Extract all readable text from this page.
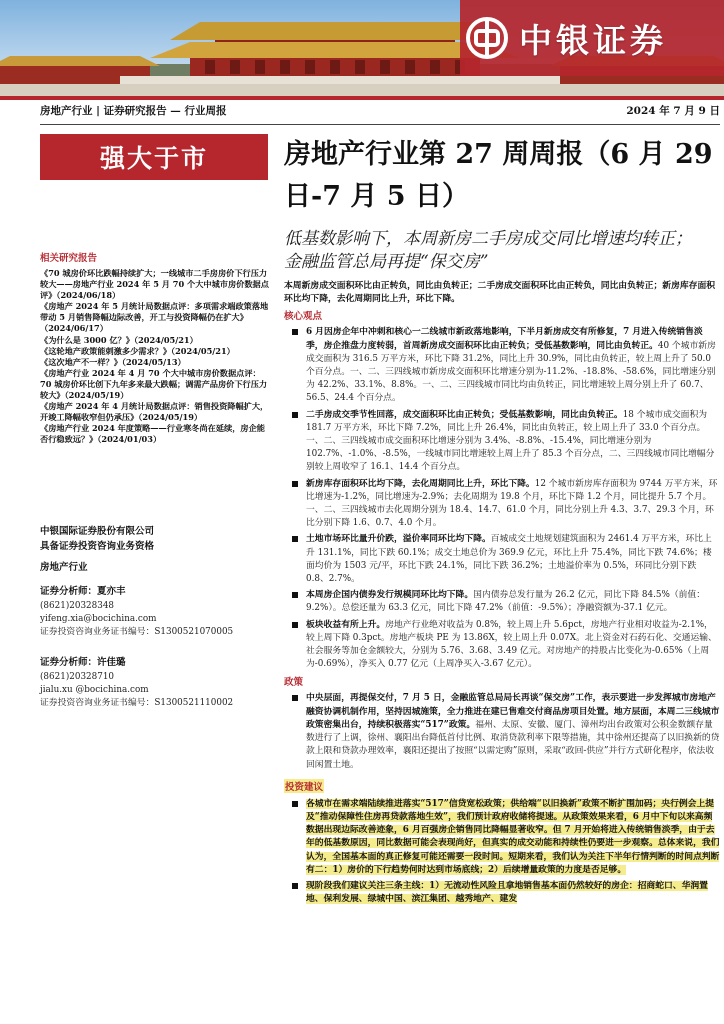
中银证券
房地产行业 | 证券研究报告 — 行业周报	2024 年 7 月 9 日
强大于市	房地产行业第 27 周周报（6 月 29 日-7 月 5 日）
低基数影响下，本周新房二手房成交同比增速均转正；金融监管总局再提“保交房”
相关研究报告
《70 城房价环比跌幅持续扩大；一线城市二手房房价下行压力较大——房地产行业 2024 年 5 月 70 个大中城市房价数据点评》（2024/06/18）
《房地产 2024 年 5 月统计局数据点评：多项需求端政策落地带动 5 月销售降幅边际改善，开工与投资降幅仍在扩大》（2024/06/17）
《为什么是 3000 亿？》（2024/05/21）
《这轮地产政策能刺激多少需求？》（2024/05/21）
《这次地产不一样？》（2024/05/13）
《房地产行业 2024 年 4 月 70 个大中城市房价数据点评：70 城房价环比创下九年多来最大跌幅；调需产品房价下行压力较大》（2024/05/19）
《房地产 2024 年 4 月统计局数据点评：销售投资降幅扩大，开竣工降幅收窄但仍承压》（2024/05/19）
《房地产行业 2024 年度策略——行业寒冬尚在延续，房企能否行稳致远？》（2024/01/03）
中银国际证券股份有限公司
具备证券投资咨询业务资格
房地产行业
证券分析师：夏亦丰
(8621)20328348
yifeng.xia@bocichina.com
证券投资咨询业务证书编号：S1300521070005
证券分析师：许佳璐
(8621)20328710
jialu.xu @bocichina.com
证券投资咨询业务证书编号：S1300521110002
本周新房成交面积环比由正转负，同比由负转正；二手房成交面积环比由正转负，同比由负转正；新房库存面积环比均下降，去化周期同比上升，环比下降。
核心观点
6 月因房企年中冲刺和核心一二线城市新政落地影响，下半月新房成交有所修复，7 月进入传统销售淡季，房企推盘力度转弱，首周新房成交面积环比由正转负；受低基数影响，同比由负转正。40 个城市新房成交面积为 316.5 万平方米，环比下降 31.2%，同比上升 30.9%，同比由负转正，较上周上升了 50.0 个百分点。一、二、三四线城市新房成交面积环比增速分别为-11.2%、-18.8%、-58.6%，同比增速分别为 42.2%、33.1%、8.8%。一、二、三四线城市同比均由负转正，同比增速较上周分别上升了 60.7、56.5、24.4 个百分点。
二手房成交季节性回落，成交面积环比由正转负；受低基数影响，同比由负转正。18 个城市成交面积为 181.7 万平方米，环比下降 7.2%，同比上升 26.4%，同比由负转正，较上周上升了 33.0 个百分点。一、二、三四线城市成交面积环比增速分别为 3.4%、-8.8%、-15.4%，同比增速分别为 102.7%、-1.0%、-8.5%，一线城市同比增速较上周上升了 85.3 个百分点，二、三四线城市同比增幅分别较上周收窄了 16.1、14.4 个百分点。
新房库存面积环比均下降，去化周期同比上升，环比下降。12 个城市新房库存面积为 9744 万平方米，环比增速为-1.2%，同比增速为-2.9%；去化周期为 19.8 个月，环比下降 1.2 个月，同比提升 5.7 个月。一、二、三四线城市去化周期分别为 18.4、14.7、61.0 个月，同比分别上升 4.3、3.7、29.3 个月，环比分别下降 1.6、0.7、4.0 个月。
土地市场环比量升价跌，溢价率同环比均下降。百城成交土地规划建筑面积为 2461.4 万平方米，环比上升 131.1%，同比下跌 60.1%；成交土地总价为 369.9 亿元，环比上升 75.4%，同比下跌 74.6%；楼面均价为 1503 元/平，环比下跌 24.1%，同比下跌 36.2%；土地溢价率为 0.5%，环同比分别下跌 0.8、2.7%。
本周房企国内债券发行规模同环比均下降。国内债券总发行量为 26.2 亿元，同比下降 84.5%（前值：9.2%）。总偿还量为 63.3 亿元，同比下降 47.2%（前值：-9.5%）；净融资额为-37.1 亿元。
板块收益有所上升。房地产行业绝对收益为 0.8%，较上周上升 5.6pct，房地产行业相对收益为-2.1%，较上周下降 0.3pct。房地产板块 PE 为 13.86X，较上周上升 0.07X。北上资金对石药石化、交通运输、社会服务等加仓金额较大，分别为 5.76、3.68、3.49 亿元。对房地产的持股占比变化为-0.65%（上周为-0.69%），净买入 0.77 亿元（上周净买入-3.67 亿元）。
政策
中央层面，再提保交付，7 月 5 日，金融监管总局局长再谈“保交房”工作，表示要进一步发挥城市房地产融资协调机制作用，坚持因城施策，全力推进在建已售难交付商品房项目处置。地方层面，本周二三线城市政策密集出台，持续积极落实“517”政策。福州、太原、安徽、厦门、漳州均出台政策对公积金数额存量数进行了上调，徐州、襄阳出台降低首付比例、取消贷款利率下限等措施，其中徐州还提高了以旧换新的贷款上限和贷款办理效率，襄阳还提出了按照“以需定购”原则，采取“政回-供应”并行方式研化程序，依法收回闲置土地。
投资建议
各城市在需求端陆续推进落实“517”信贷宽松政策；供给端“以旧换新”政策不断扩围加码；央行例会上提及“推动保障性住房再贷款落地生效”，我们预计政府收储将提速。从政策效果来看，6 月中下旬以来高频数据出现边际改善迹象，6 月百强房企销售同比降幅显著收窄。但 7 月开始将进入传统销售淡季，由于去年的低基数原因，同比数据可能会表现尚好，但真实的成交动能和持续性仍要进一步观察。总体来说，我们认为，全国基本面的真正修复可能还需要一段时间。短期来看，我们认为关注下半年行情判断的时间点判断有二：1）房价的下行趋势何时达到市场底线；2）后续增量政策的力度是否足够。
现阶段我们建议关注三条主线：1）无流动性风险且拿地销售基本面仍然较好的房企：招商蛇口、华润置地、保利发展、绿城中国、滨江集团、越秀地产、建发
